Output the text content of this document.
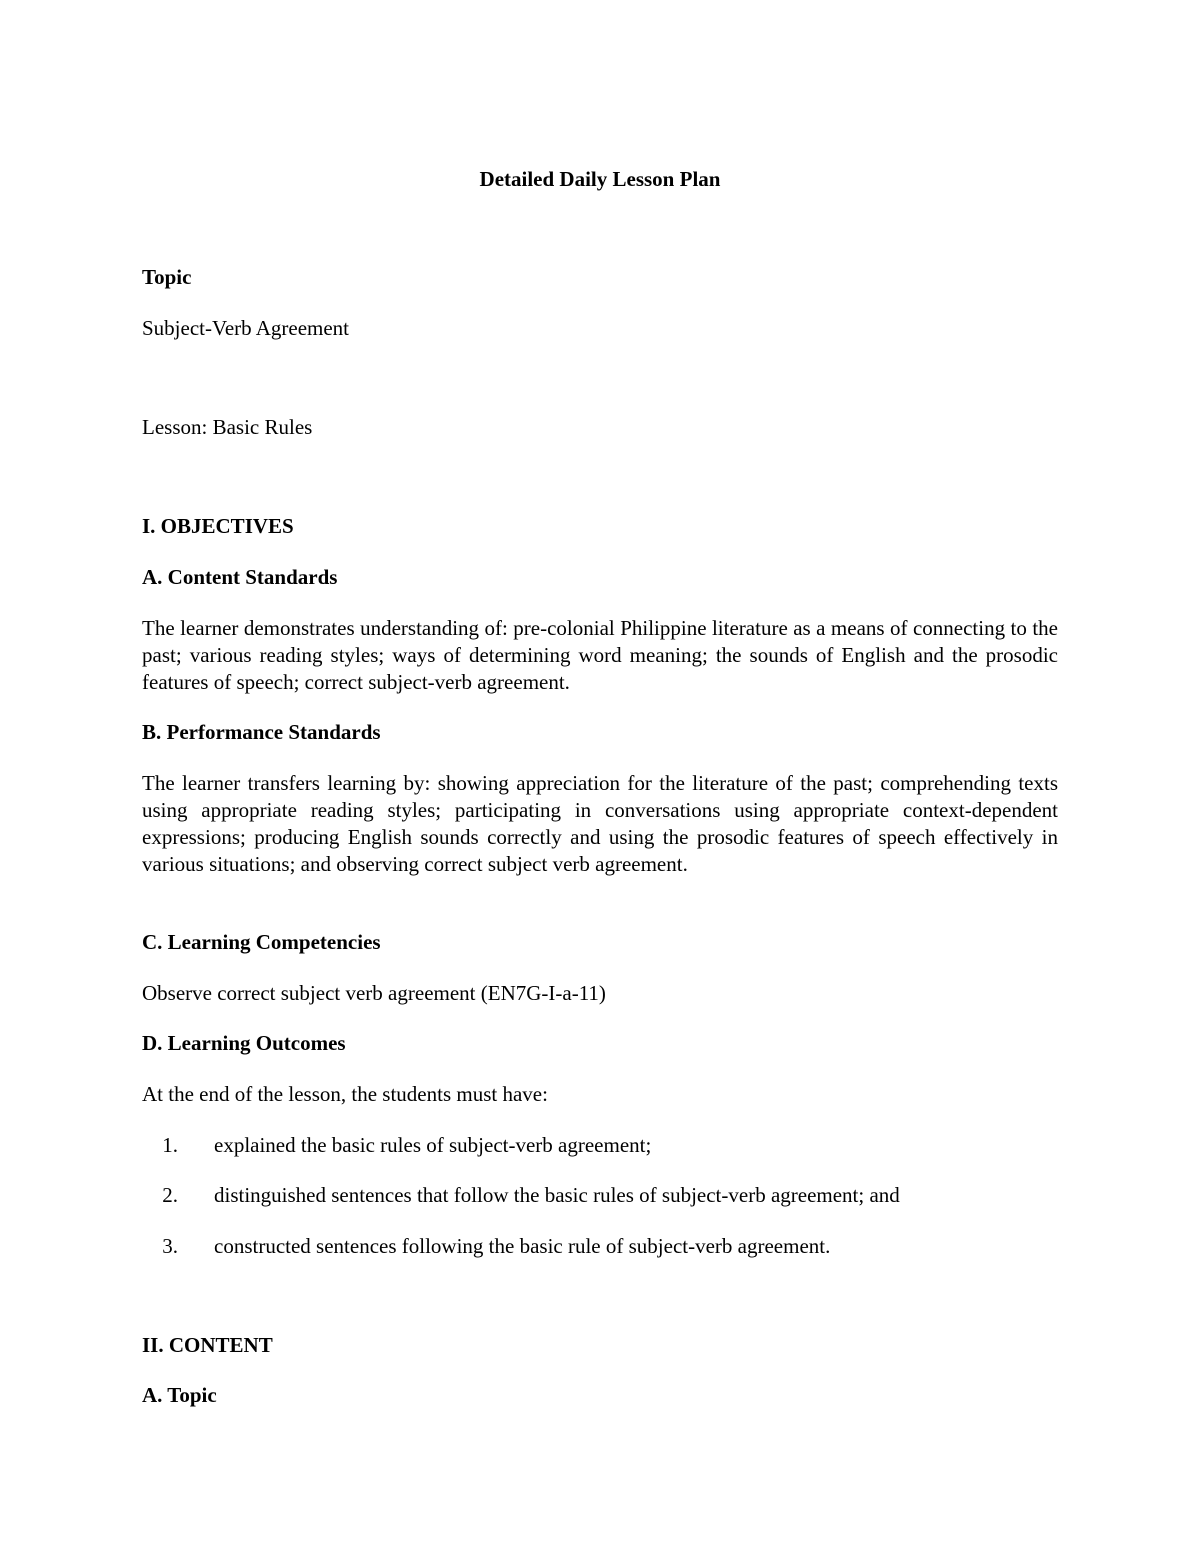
Detailed Daily Lesson Plan

Topic

Subject-Verb Agreement

Lesson: Basic Rules

I. OBJECTIVES

A. Content Standards

The learner demonstrates understanding of: pre-colonial Philippine literature as a means of connecting to the past; various reading styles; ways of determining word meaning; the sounds of English and the prosodic features of speech; correct subject-verb agreement.

B. Performance Standards

The learner transfers learning by: showing appreciation for the literature of the past; comprehending texts using appropriate reading styles; participating in conversations using appropriate context-dependent expressions; producing English sounds correctly and using the prosodic features of speech effectively in various situations; and observing correct subject verb agreement.

C. Learning Competencies

Observe correct subject verb agreement (EN7G-I-a-11)

D. Learning Outcomes

At the end of the lesson, the students must have:

1. explained the basic rules of subject-verb agreement;

2. distinguished sentences that follow the basic rules of subject-verb agreement; and

3. constructed sentences following the basic rule of subject-verb agreement.

II. CONTENT

A. Topic
